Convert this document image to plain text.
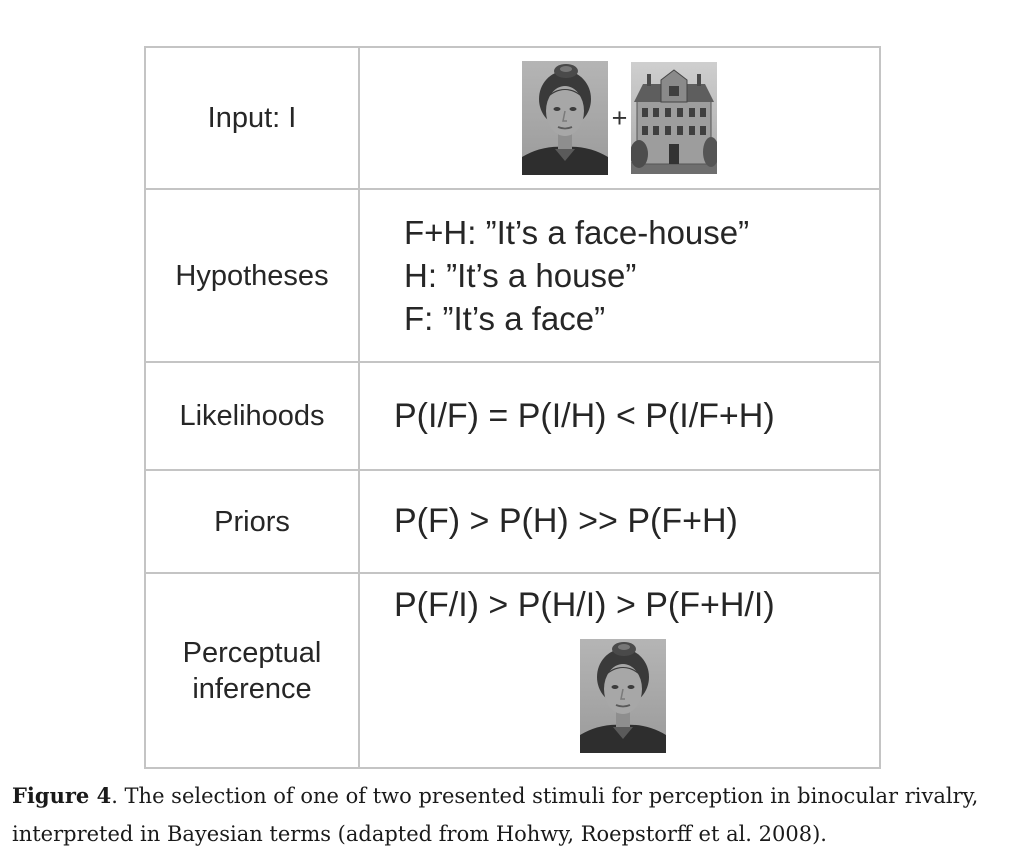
Input: I	+

Hypotheses	F+H: ”It’s a face-house”
H: ”It’s a house”
F: ”It’s a face”

Likelihoods	P(I/F) = P(I/H) < P(I/F+H)

Priors	P(F) > P(H) >> P(F+H)

Perceptual
inference	P(F/I) > P(H/I) > P(F+H/I)
Figure 4. The selection of one of two presented stimuli for perception in binocular rivalry, interpreted in Bayesian terms (adapted from Hohwy, Roepstorff et al. 2008).
